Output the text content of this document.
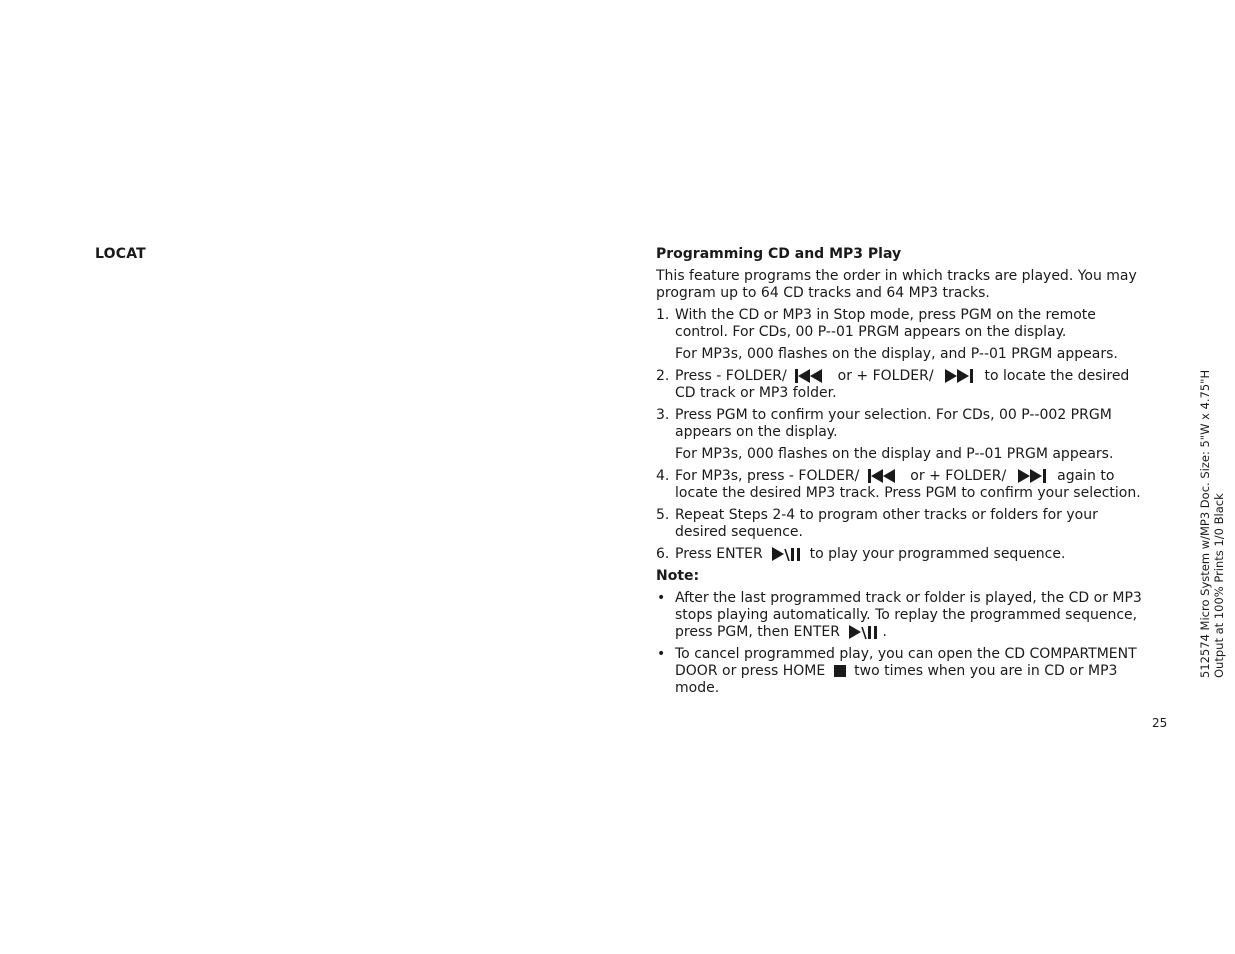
LOCAT	Programming CD and MP3 Play
This feature programs the order in which tracks are played. You may program up to 64 CD tracks and 64 MP3 tracks.
1. With the CD or MP3 in Stop mode, press PGM on the remote control. For CDs, 00 P--01 PRGM appears on the display.
For MP3s, 000 flashes on the display, and P--01 PRGM appears.
2. Press - FOLDER/	or + FOLDER/	to locate the desired CD track or MP3 folder.
3. Press PGM to confirm your selection. For CDs, 00 P--002 PRGM appears on the display.
For MP3s, 000 flashes on the display and P--01 PRGM appears.
4. For MP3s, press - FOLDER/	or + FOLDER/	again to locate the desired MP3 track. Press PGM to confirm your selection.
5. Repeat Steps 2-4 to program other tracks or folders for your desired sequence.
6. Press ENTER	to play your programmed sequence.
Note:
• After the last programmed track or folder is played, the CD or MP3 stops playing automatically. To replay the programmed sequence, press PGM, then ENTER	.
• To cancel programmed play, you can open the CD COMPARTMENT DOOR or press HOME two times when you are in CD or MP3 mode.
25
512574 Micro System w/MP3 Doc. Size: 5"W x 4.75"H Output at 100% Prints 1/0 Black
